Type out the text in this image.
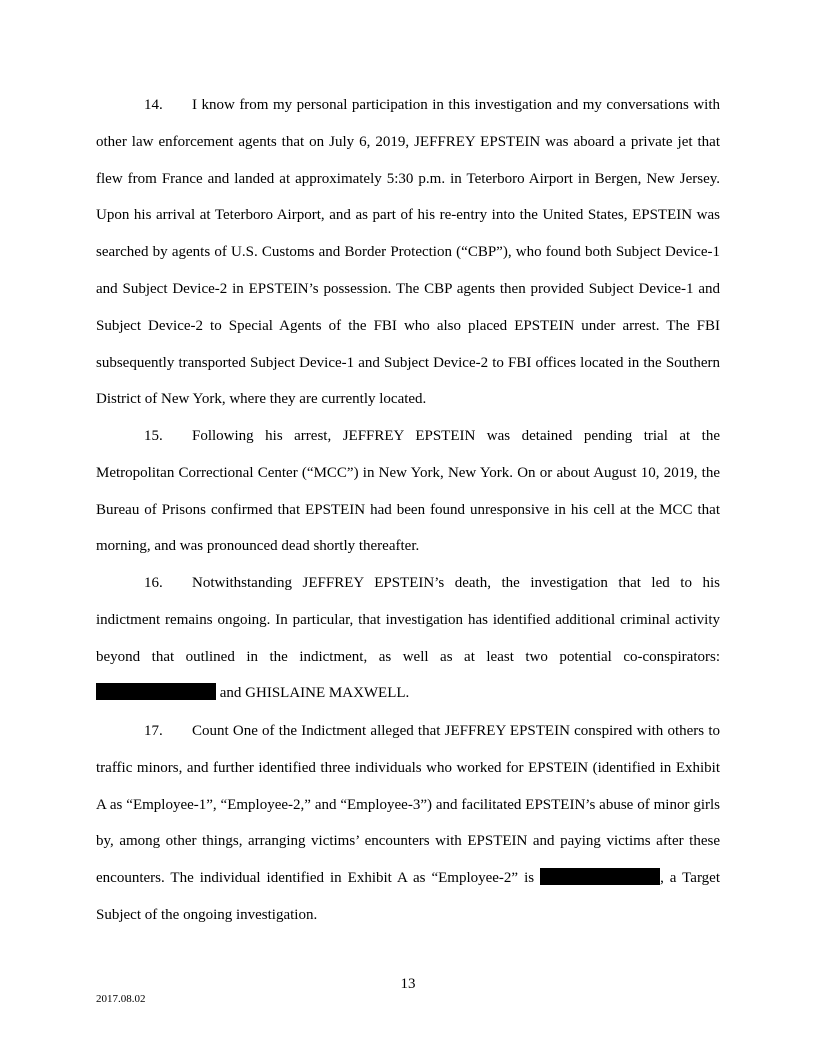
14. I know from my personal participation in this investigation and my conversations with other law enforcement agents that on July 6, 2019, JEFFREY EPSTEIN was aboard a private jet that flew from France and landed at approximately 5:30 p.m. in Teterboro Airport in Bergen, New Jersey. Upon his arrival at Teterboro Airport, and as part of his re-entry into the United States, EPSTEIN was searched by agents of U.S. Customs and Border Protection (“CBP”), who found both Subject Device-1 and Subject Device-2 in EPSTEIN’s possession. The CBP agents then provided Subject Device-1 and Subject Device-2 to Special Agents of the FBI who also placed EPSTEIN under arrest. The FBI subsequently transported Subject Device-1 and Subject Device-2 to FBI offices located in the Southern District of New York, where they are currently located.

15. Following his arrest, JEFFREY EPSTEIN was detained pending trial at the Metropolitan Correctional Center (“MCC”) in New York, New York. On or about August 10, 2019, the Bureau of Prisons confirmed that EPSTEIN had been found unresponsive in his cell at the MCC that morning, and was pronounced dead shortly thereafter.

16. Notwithstanding JEFFREY EPSTEIN’s death, the investigation that led to his indictment remains ongoing. In particular, that investigation has identified additional criminal activity beyond that outlined in the indictment, as well as at least two potential co-conspirators:  and GHISLAINE MAXWELL.

17. Count One of the Indictment alleged that JEFFREY EPSTEIN conspired with others to traffic minors, and further identified three individuals who worked for EPSTEIN (identified in Exhibit A as “Employee-1”, “Employee-2,” and “Employee-3”) and facilitated EPSTEIN’s abuse of minor girls by, among other things, arranging victims’ encounters with EPSTEIN and paying victims after these encounters. The individual identified in Exhibit A as “Employee-2” is	, a Target Subject of the ongoing investigation.

13
2017.08.02
